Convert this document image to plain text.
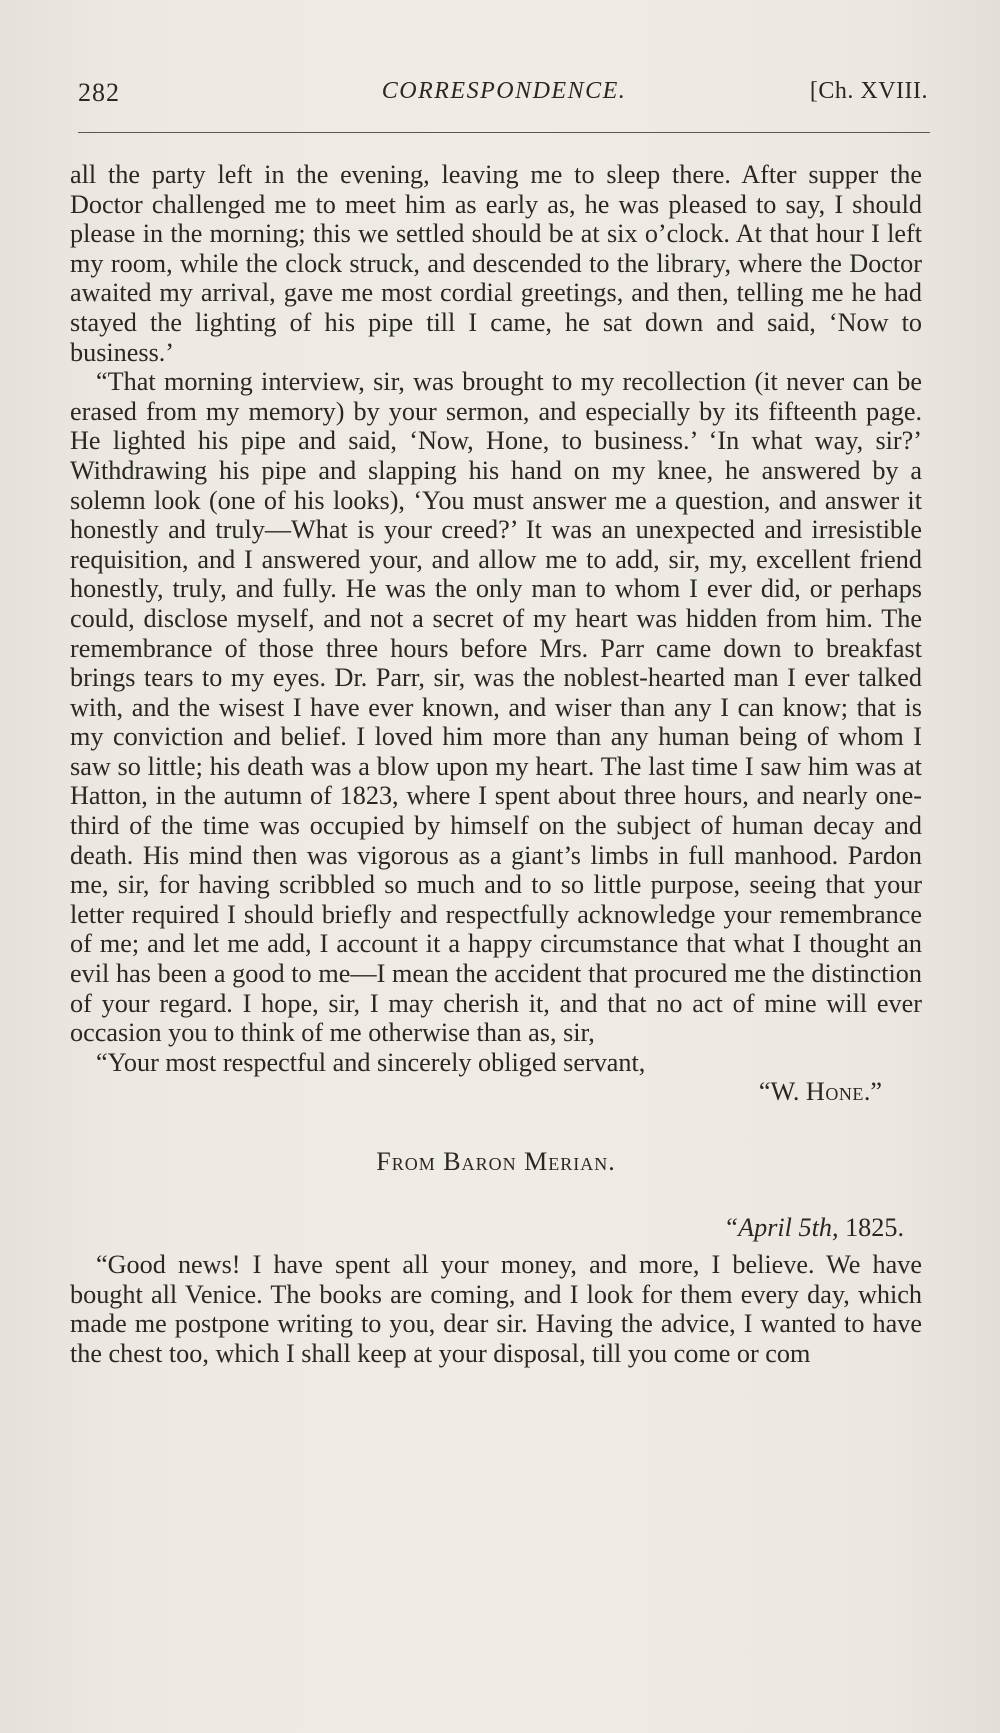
282	CORRESPONDENCE.	[Ch. XVIII.

all the party left in the evening, leaving me to sleep there. After supper the Doctor challenged me to meet him as early as, he was pleased to say, I should please in the morning; this we settled should be at six o’clock. At that hour I left my room, while the clock struck, and descended to the library, where the Doctor awaited my arrival, gave me most cordial greetings, and then, telling me he had stayed the lighting of his pipe till I came, he sat down and said, ‘Now to business.’

“That morning interview, sir, was brought to my recollection (it never can be erased from my memory) by your sermon, and especially by its fifteenth page. He lighted his pipe and said, ‘Now, Hone, to business.’ ‘In what way, sir?’ Withdrawing his pipe and slapping his hand on my knee, he answered by a solemn look (one of his looks), ‘You must answer me a question, and answer it honestly and truly—What is your creed?’ It was an unexpected and irresistible requisition, and I answered your, and allow me to add, sir, my, excellent friend honestly, truly, and fully. He was the only man to whom I ever did, or perhaps could, disclose myself, and not a secret of my heart was hidden from him. The remembrance of those three hours before Mrs. Parr came down to breakfast brings tears to my eyes. Dr. Parr, sir, was the noblest-hearted man I ever talked with, and the wisest I have ever known, and wiser than any I can know; that is my conviction and belief. I loved him more than any human being of whom I saw so little; his death was a blow upon my heart. The last time I saw him was at Hatton, in the autumn of 1823, where I spent about three hours, and nearly one-third of the time was occupied by himself on the subject of human decay and death. His mind then was vigorous as a giant’s limbs in full manhood. Pardon me, sir, for having scribbled so much and to so little purpose, seeing that your letter required I should briefly and respectfully acknowledge your remembrance of me; and let me add, I account it a happy circumstance that what I thought an evil has been a good to me—I mean the accident that procured me the distinction of your regard. I hope, sir, I may cherish it, and that no act of mine will ever occasion you to think of me otherwise than as, sir,

“Your most respectful and sincerely obliged servant,

“W. Hone.”

From Baron Merian.

“April 5th, 1825.

“Good news! I have spent all your money, and more, I believe. We have bought all Venice. The books are coming, and I look for them every day, which made me postpone writing to you, dear sir. Having the advice, I wanted to have the chest too, which I shall keep at your disposal, till you come or com
